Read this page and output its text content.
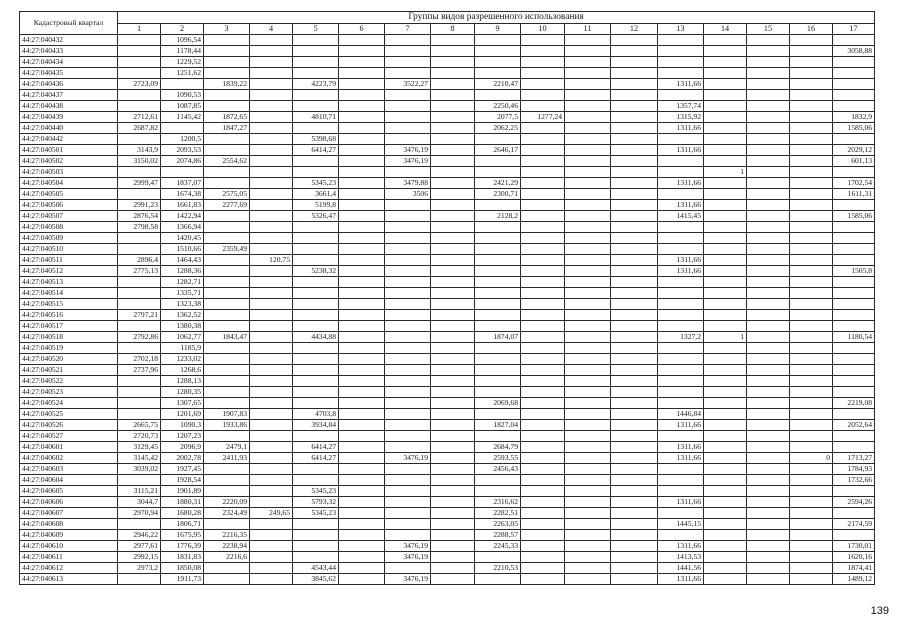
Кадастровый квартал	Группы видов разрешенного использования																
	1	2	3	4	5	6	7	8	9	10	11	12	13	14	15	16	17
44:27:040432		1096,54															
44:27:040433		1178,44															3058,88
44:27:040434		1229,52															
44:27:040435		1251,62															
44:27:040436	2723,09		1839,22		4223,79		3522,27		2210,47				1311,66				
44:27:040437		1090,53															
44:27:040438		1087,85							2250,46				1357,74				
44:27:040439	2712,61	1145,42	1872,65		4810,71				2077,5	1277,24			1315,92				1832,9
44:27:040440	2687,82		1847,27						2062,25				1311,66				1585,06
44:27:040442		1200,5			5398,68												
44:27:040501	3143,9	2093,53			6414,27		3476,19		2646,17				1311,66				2029,12
44:27:040502	3150,02	2074,86	2554,62				3476,19										601,13
44:27:040503														1			
44:27:040504	2999,47	1837,07			5345,23		3479,88		2421,29				1311,66				1702,54
44:27:040505		1674,38	2575,05		3661,4		3506		2300,71								1611,31
44:27:040506	2991,23	1661,83	2277,69		5199,8								1311,66				
44:27:040507	2876,54	1422,94			5326,47				2128,2				1415,45				1585,06
44:27:040508	2798,58	1366,94															
44:27:040509		1420,45															
44:27:040510		1510,66	2359,49														
44:27:040511	2896,4	1464,43		120,75									1311,66				
44:27:040512	2775,13	1288,36			5238,32								1311,66				1505,8
44:27:040513		1282,71															
44:27:040514		1335,71															
44:27:040515		1323,38															
44:27:040516	2797,21	1362,52															
44:27:040517		1380,38															
44:27:040518	2792,86	1062,77	1843,47		4434,88				1874,07				1327,2	1			1180,54
44:27:040519		1185,9															
44:27:040520	2702,18	1233,02															
44:27:040521	2737,96	1268,6															
44:27:040522		1288,13															
44:27:040523		1280,35															
44:27:040524		1307,65							2069,68								2219,08
44:27:040525		1201,69	1907,83		4703,8								1446,84				
44:27:040526	2665,75	1090,3	1933,86		3934,84				1827,04				1311,66				2052,64
44:27:040527	2720,73	1207,23															
44:27:040601	3129,45	2096,9	2479,1		6414,27				2684,79				1311,66				
44:27:040602	3145,42	2002,78	2411,93		6414,27		3476,19		2593,55				1311,66			0	1713,27
44:27:040603	3039,02	1927,45							2456,43								1784,93
44:27:040604		1928,54															1732,66
44:27:040605	3115,21	1901,89			5345,23												
44:27:040606	3044,7	1880,31	2220,09		5793,32				2316,62				1311,66				2594,26
44:27:040607	2970,94	1680,28	2324,49	249,65	5345,23				2282,51								
44:27:040608		1806,71							2263,05				1445,15				2174,59
44:27:040609	2946,22	1675,95	2216,35						2288,57								
44:27:040610	2977,61	1776,39	2238,94				3476,19		2245,33				1311,66				1730,01
44:27:040611	2992,15	1831,83	2216,6				3476,19						1413,53				1620,16
44:27:040612	2973,2	1850,08			4543,44				2210,53				1441,56				1874,41
44:27:040613		1911,73			3845,62		3476,19						1311,66				1489,12
139
